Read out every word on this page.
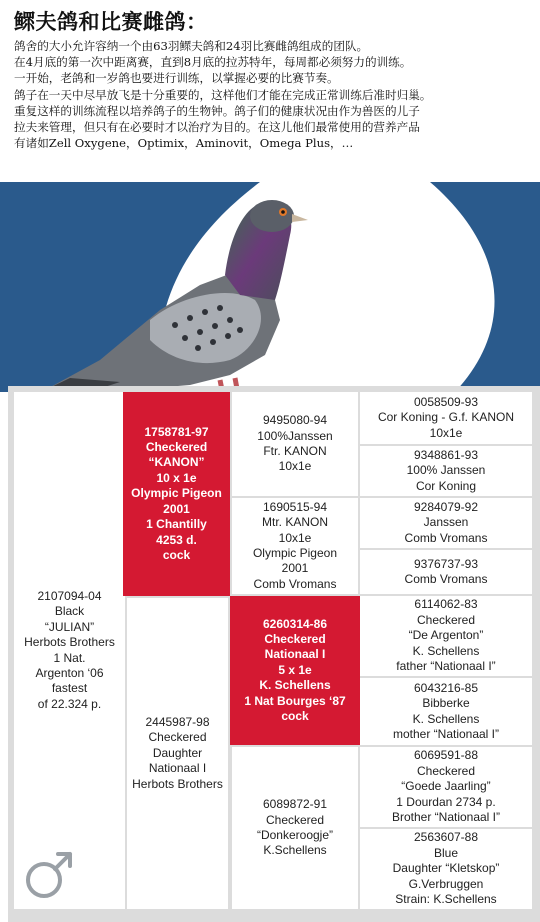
鳏夫鸽和比赛雌鸽：

鸽舍的大小允许容纳一个由63羽鳏夫鸽和24羽比赛雌鸽组成的团队。

在4月底的第一次中距离赛，直到8月底的拉苏特年，每周都必须努力的训练。

一开始，老鸽和一岁鸽也要进行训练，以掌握必要的比赛节奏。

鸽子在一天中尽早放飞是十分重要的，这样他们才能在完成正常训练后准时归巢。

重复这样的训练流程以培养鸽子的生物钟。鸽子们的健康状况由作为兽医的儿子

拉夫来管理，但只有在必要时才以治疗为目的。在这儿他们最常使用的营养产品

有诸如Zell Oxygene，Optimix，Aminovit，Omega Plus，…

2107094-04
Black
“JULIAN”
Herbots Brothers
1 Nat.
Argenton ‘06
fastest
of 22.324 p.
1758781-97
Checkered
“KANON”
10 x 1e
Olympic Pigeon
2001
1 Chantilly
4253 d.
cock
2445987-98
Checkered
Daughter
Nationaal I
Herbots Brothers
9495080-94
100%Janssen
Ftr. KANON
10x1e
1690515-94
Mtr. KANON
10x1e
Olympic Pigeon
2001
Comb Vromans
6260314-86
Checkered
Nationaal I
5 x 1e
K. Schellens
1 Nat Bourges ‘87
cock
6089872-91
Checkered
“Donkeroogje”
K.Schellens
0058509-93
Cor Koning - G.f. KANON
10x1e
9348861-93
100% Janssen
Cor Koning
9284079-92
Janssen
Comb Vromans
9376737-93
Comb Vromans
6114062-83
Checkered
“De Argenton”
K. Schellens
father “Nationaal I”
6043216-85
Bibberke
K. Schellens
mother “Nationaal I”
6069591-88
Checkered
“Goede Jaarling”
1 Dourdan 2734 p.
Brother “Nationaal I”
2563607-88
Blue
Daughter “Kletskop”
G.Verbruggen
Strain: K.Schellens
